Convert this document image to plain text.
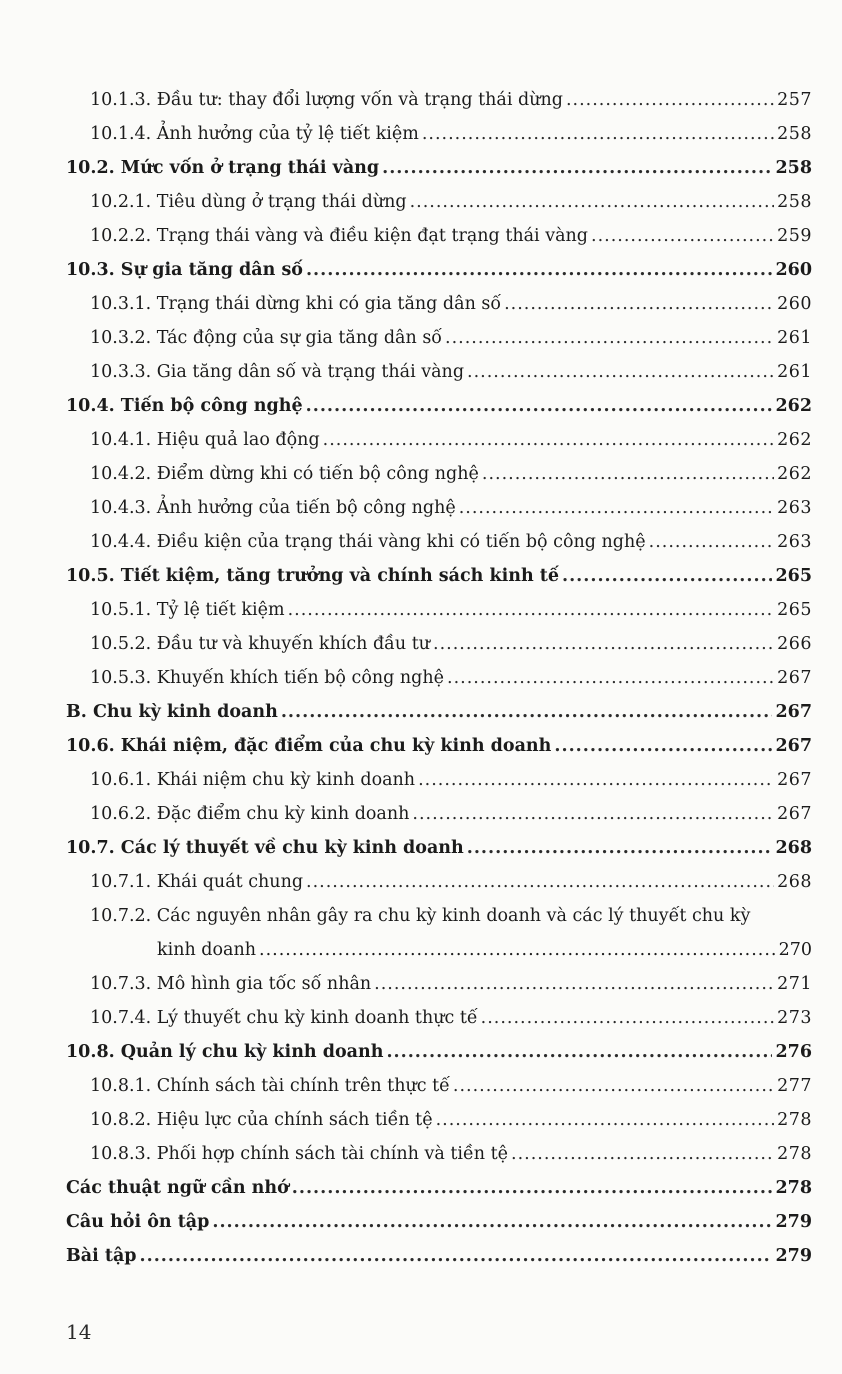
10.1.3. Đầu tư: thay đổi lượng vốn và trạng thái dừng .....	257
10.1.4. Ảnh hưởng của tỷ lệ tiết kiệm .....	258
10.2. Mức vốn ở trạng thái vàng .....	258
10.2.1. Tiêu dùng ở trạng thái dừng .....	258
10.2.2. Trạng thái vàng và điều kiện đạt trạng thái vàng .....	259
10.3. Sự gia tăng dân số .....	260
10.3.1. Trạng thái dừng khi có gia tăng dân số .....	260
10.3.2. Tác động của sự gia tăng dân số .....	261
10.3.3. Gia tăng dân số và trạng thái vàng .....	261
10.4. Tiến bộ công nghệ .....	262
10.4.1. Hiệu quả lao động .....	262
10.4.2. Điểm dừng khi có tiến bộ công nghệ .....	262
10.4.3. Ảnh hưởng của tiến bộ công nghệ .....	263
10.4.4. Điều kiện của trạng thái vàng khi có tiến bộ công nghệ .....	263
10.5. Tiết kiệm, tăng trưởng và chính sách kinh tế .....	265
10.5.1. Tỷ lệ tiết kiệm .....	265
10.5.2. Đầu tư và khuyến khích đầu tư .....	266
10.5.3. Khuyến khích tiến bộ công nghệ .....	267
B. Chu kỳ kinh doanh .....	267
10.6. Khái niệm, đặc điểm của chu kỳ kinh doanh .....	267
10.6.1. Khái niệm chu kỳ kinh doanh .....	267
10.6.2. Đặc điểm chu kỳ kinh doanh .....	267
10.7. Các lý thuyết về chu kỳ kinh doanh .....	268
10.7.1. Khái quát chung .....	268
10.7.2. Các nguyên nhân gây ra chu kỳ kinh doanh và các lý thuyết chu kỳ
kinh doanh .....	270
10.7.3. Mô hình gia tốc số nhân .....	271
10.7.4. Lý thuyết chu kỳ kinh doanh thực tế .....	273
10.8. Quản lý chu kỳ kinh doanh .....	276
10.8.1. Chính sách tài chính trên thực tế .....	277
10.8.2. Hiệu lực của chính sách tiền tệ .....	278
10.8.3. Phối hợp chính sách tài chính và tiền tệ .....	278
Các thuật ngữ cần nhớ .....	278
Câu hỏi ôn tập .....	279
Bài tập .....	279
14
